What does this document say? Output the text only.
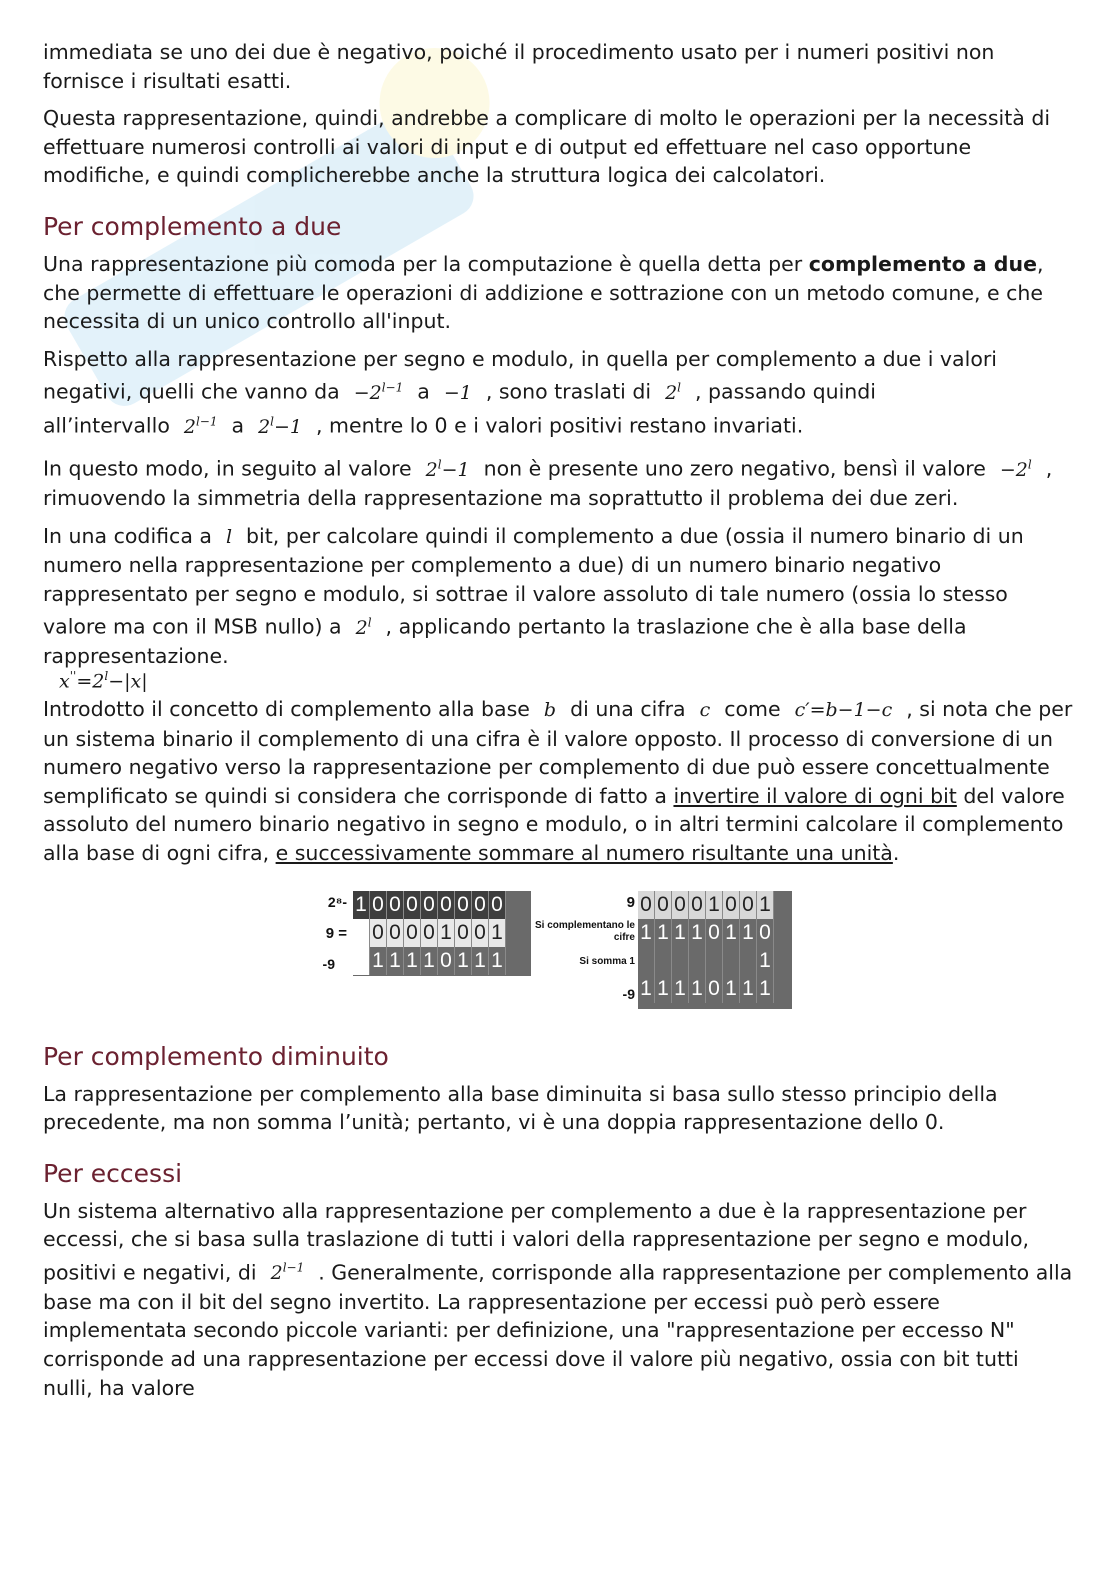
immediata se uno dei due è negativo, poiché il procedimento usato per i numeri positivi non fornisce i risultati esatti.

Questa rappresentazione, quindi, andrebbe a complicare di molto le operazioni per la necessità di effettuare numerosi controlli ai valori di input e di output ed effettuare nel caso opportune modifiche, e quindi complicherebbe anche la struttura logica dei calcolatori.

Per complemento a due

Una rappresentazione più comoda per la computazione è quella detta per complemento a due, che permette di effettuare le operazioni di addizione e sottrazione con un metodo comune, e che necessita di un unico controllo all'input.

Rispetto alla rappresentazione per segno e modulo, in quella per complemento a due i valori negativi, quelli che vanno da $-2^{l-1}$ a −1 , sono traslati di 2$^l$ , passando quindi all’intervallo $2^{l-1}$ a $2^l-1$ , mentre lo 0 e i valori positivi restano invariati.

In questo modo, in seguito al valore $2^l-1$ non è presente uno zero negativo, bensì il valore $-2^l$ , rimuovendo la simmetria della rappresentazione ma soprattutto il problema dei due zeri.

In una codifica a l bit, per calcolare quindi il complemento a due (ossia il numero binario di un numero nella rappresentazione per complemento a due) di un numero binario negativo rappresentato per segno e modulo, si sottrae il valore assoluto di tale numero (ossia lo stesso valore ma con il MSB nullo) a 2$^l$ , applicando pertanto la traslazione che è alla base della rappresentazione.

$x''=2^l-|x|$

Introdotto il concetto di complemento alla base b di una cifra c come c′=b−1−c , si nota che per un sistema binario il complemento di una cifra è il valore opposto. Il processo di conversione di un numero negativo verso la rappresentazione per complemento di due può essere concettualmente semplificato se quindi si considera che corrisponde di fatto a invertire il valore di ogni bit del valore assoluto del numero binario negativo in segno e modulo, o in altri termini calcolare il complemento alla base di ogni cifra, e successivamente sommare al numero risultante una unità.

2⁸-
9 =
-9
1 0 0 0 0 0 0 0 0
0 0 0 0 1 0 0 1
1 1 1 1 0 1 1 1
9
Si complementano le cifre
Si somma 1
-9
0 0 0 0 1 0 0 1
1 1 1 1 0 1 1 0
1
1 1 1 1 0 1 1 1
Per complemento diminuito

La rappresentazione per complemento alla base diminuita si basa sullo stesso principio della precedente, ma non somma l’unità; pertanto, vi è una doppia rappresentazione dello 0.

Per eccessi

Un sistema alternativo alla rappresentazione per complemento a due è la rappresentazione per eccessi, che si basa sulla traslazione di tutti i valori della rappresentazione per segno e modulo, positivi e negativi, di $2^{l-1}$ . Generalmente, corrisponde alla rappresentazione per complemento alla base ma con il bit del segno invertito. La rappresentazione per eccessi può però essere implementata secondo piccole varianti: per definizione, una "rappresentazione per eccesso N" corrisponde ad una rappresentazione per eccessi dove il valore più negativo, ossia con bit tutti nulli, ha valore
